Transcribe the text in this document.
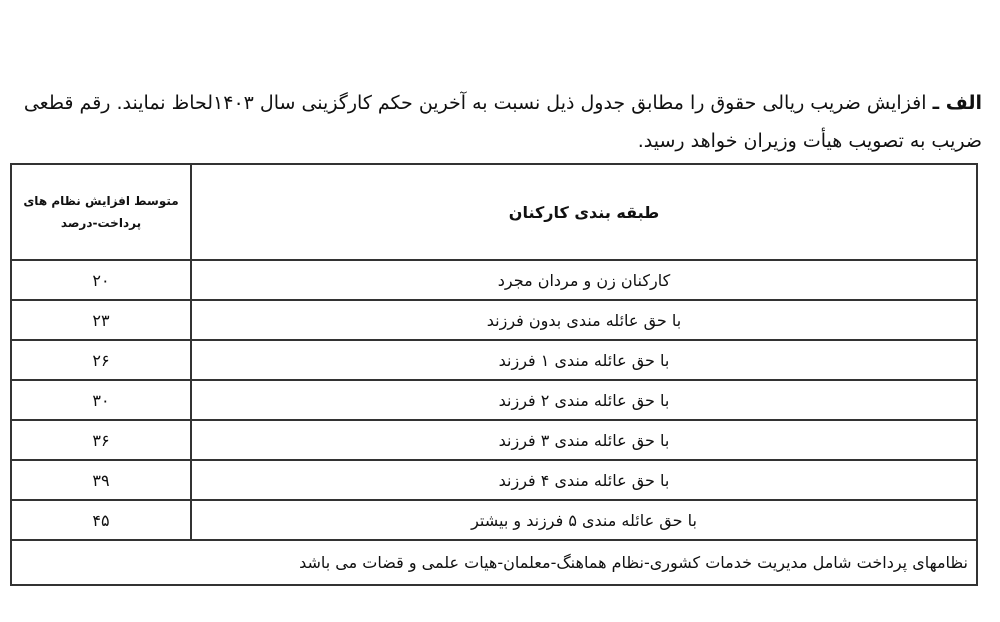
الف ـ افزایش ضریب ریالی حقوق را مطابق جدول ذیل نسبت به آخرین حکم کارگزینی سال ۱۴۰۳لحاظ نمایند. رقم قطعی ضریب به تصویب هیأت وزیران خواهد رسید.
طبقه بندی کارکنان	متوسط افزایش نظام های پرداخت-درصد
کارکنان زن و مردان مجرد	۲۰
با حق عائله مندی بدون فرزند	۲۳
با حق عائله مندی ۱ فرزند	۲۶
با حق عائله مندی ۲ فرزند	۳۰
با حق عائله مندی ۳ فرزند	۳۶
با حق عائله مندی ۴ فرزند	۳۹
با حق عائله مندی ۵ فرزند و بیشتر	۴۵
نظامهای پرداخت شامل مدیریت خدمات کشوری-نظام هماهنگ-معلمان-هیات علمی و قضات می باشد	
